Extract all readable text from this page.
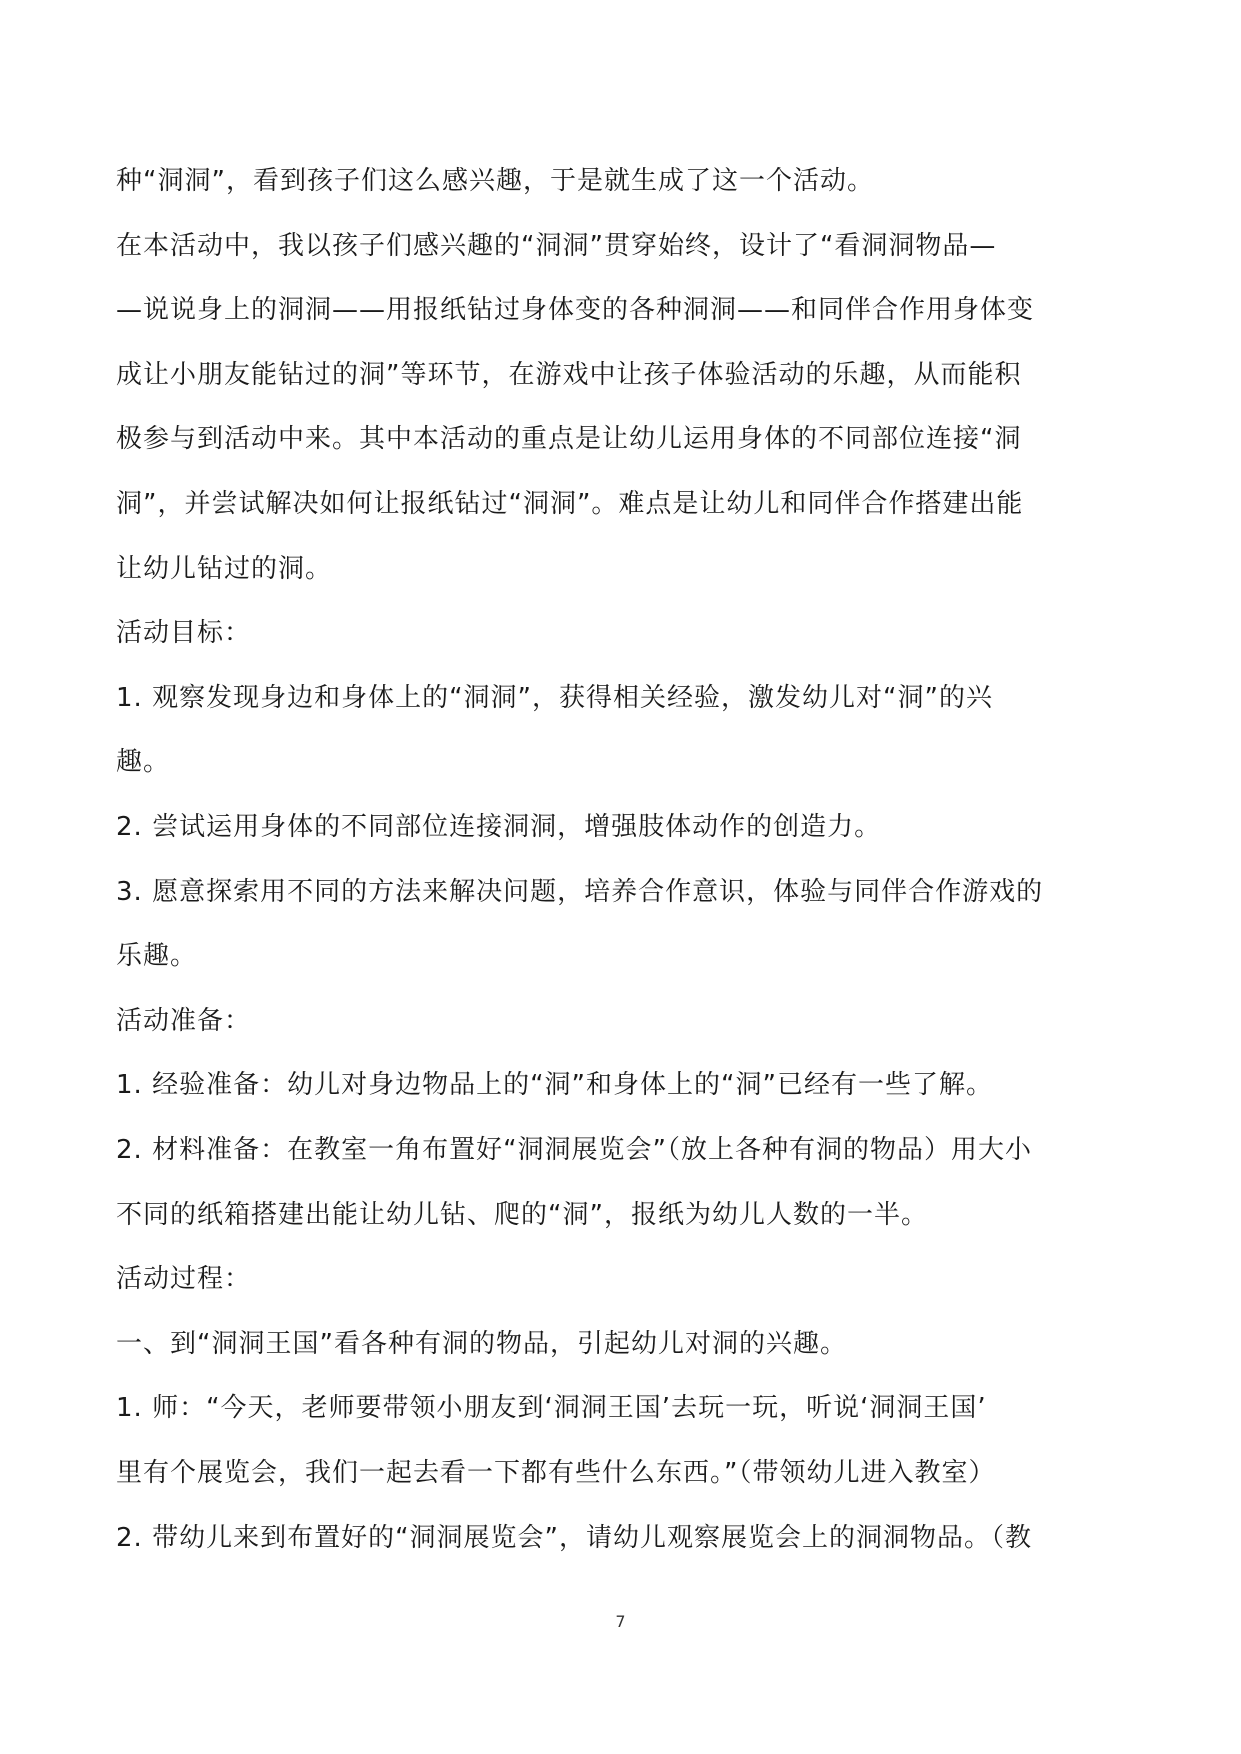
种“洞洞”，看到孩子们这么感兴趣，于是就生成了这一个活动。
在本活动中，我以孩子们感兴趣的“洞洞”贯穿始终，设计了“看洞洞物品—
—说说身上的洞洞——用报纸钻过身体变的各种洞洞——和同伴合作用身体变
成让小朋友能钻过的洞”等环节，在游戏中让孩子体验活动的乐趣，从而能积
极参与到活动中来。其中本活动的重点是让幼儿运用身体的不同部位连接“洞
洞”，并尝试解决如何让报纸钻过“洞洞”。难点是让幼儿和同伴合作搭建出能
让幼儿钻过的洞。
活动目标：
1. 观察发现身边和身体上的“洞洞”，获得相关经验，激发幼儿对“洞”的兴
趣。
2. 尝试运用身体的不同部位连接洞洞，增强肢体动作的创造力。
3. 愿意探索用不同的方法来解决问题，培养合作意识，体验与同伴合作游戏的
乐趣。
活动准备：
1. 经验准备：幼儿对身边物品上的“洞”和身体上的“洞”已经有一些了解。
2. 材料准备：在教室一角布置好“洞洞展览会”（放上各种有洞的物品）用大小
不同的纸箱搭建出能让幼儿钻、爬的“洞”，报纸为幼儿人数的一半。
活动过程：
一、到“洞洞王国”看各种有洞的物品，引起幼儿对洞的兴趣。
1. 师：“今天，老师要带领小朋友到‘洞洞王国’去玩一玩，听说‘洞洞王国’
里有个展览会，我们一起去看一下都有些什么东西。”（带领幼儿进入教室）
2. 带幼儿来到布置好的“洞洞展览会”，请幼儿观察展览会上的洞洞物品。（教
7
